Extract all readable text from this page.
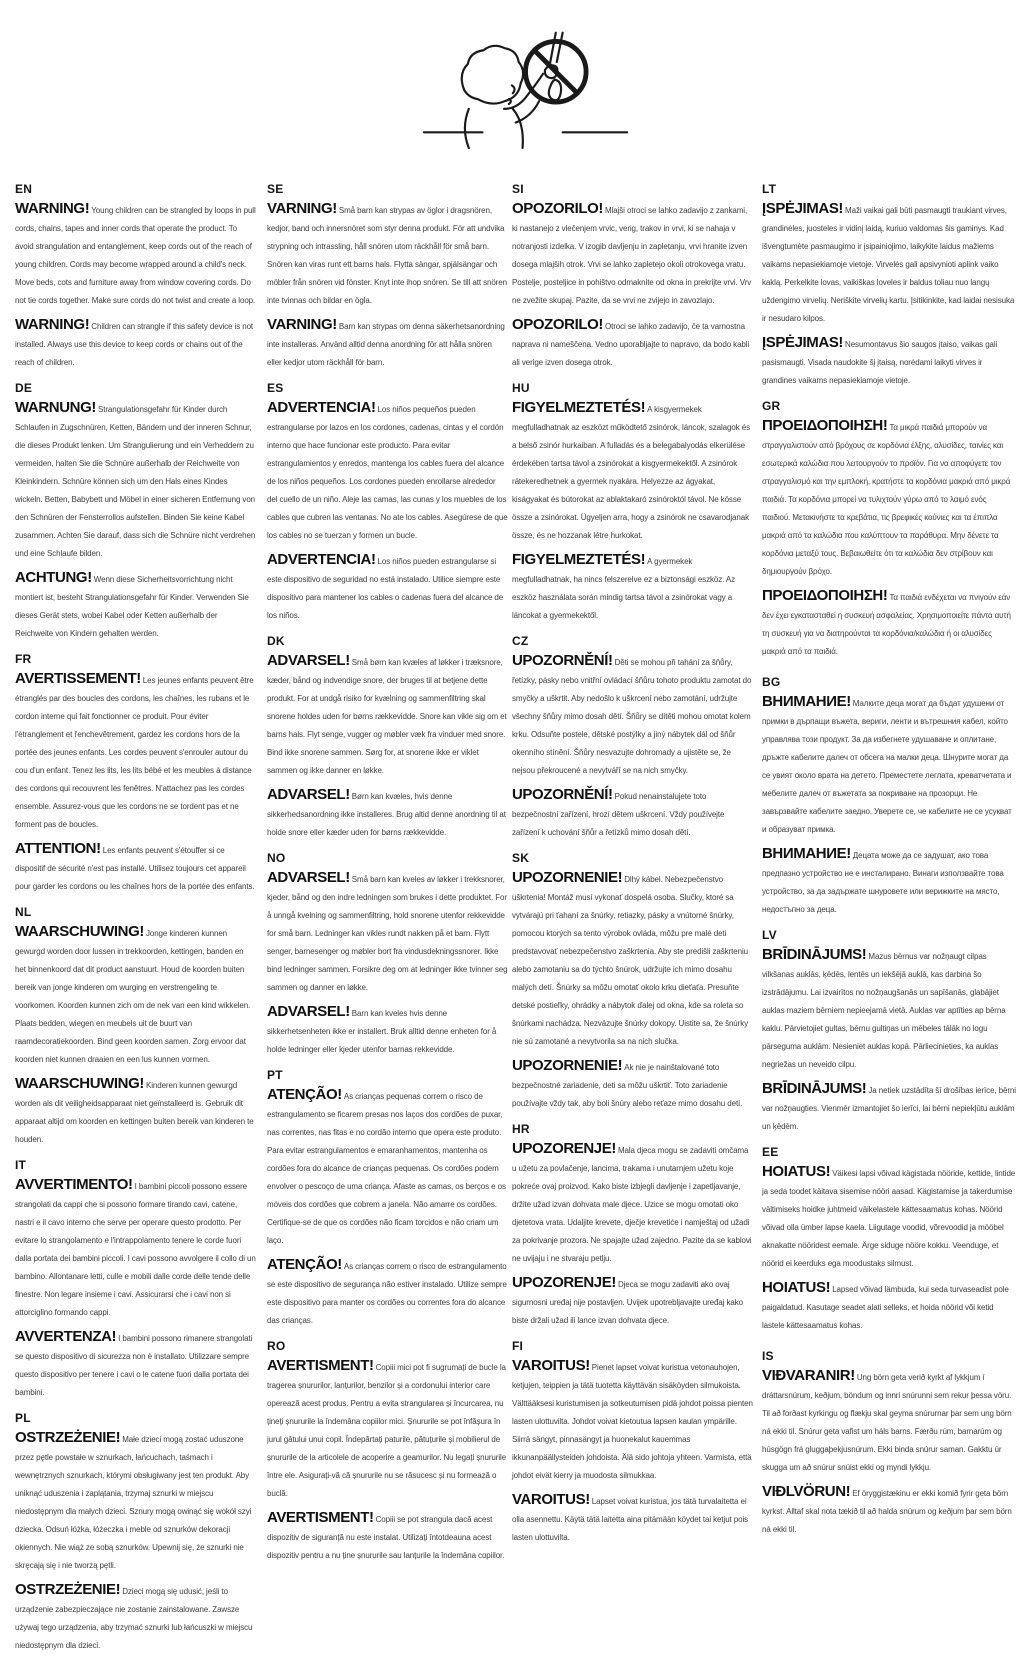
EN

WARNING! Young children can be strangled by loops in pull cords, chains, tapes and inner cords that operate the product. To avoid strangulation and entanglement, keep cords out of the reach of young children. Cords may become wrapped around a child's neck. Move beds, cots and furniture away from window covering cords. Do not tie cords together. Make sure cords do not twist and create a loop.

WARNING! Children can strangle if this safety device is not installed. Always use this device to keep cords or chains out of the reach of children.

DE

WARNUNG! Strangulationsgefahr für Kinder durch Schlaufen in Zugschnüren, Ketten, Bändern und der inneren Schnur, die dieses Produkt lenken. Um Strangulierung und ein Verheddern zu vermeiden, halten Sie die Schnüre außerhalb der Reichweite von Kleinkindern. Schnüre können sich um den Hals eines Kindes wickeln. Betten, Babybett und Möbel in einer sicheren Entfernung von den Schnüren der Fensterrollos aufstellen. Binden Sie keine Kabel zusammen. Achten Sie darauf, dass sich die Schnüre nicht verdrehen und eine Schlaufe bilden.

ACHTUNG! Wenn diese Sicherheitsvorrichtung nicht montiert ist, besteht Strangulationsgefahr für Kinder. Verwenden Sie dieses Gerät stets, wobei Kabel oder Ketten außerhalb der Reichweite von Kindern gehalten werden.

FR

AVERTISSEMENT! Les jeunes enfants peuvent être étranglés par des boucles des cordons, les chaînes, les rubans et le cordon interne qui fait fonctionner ce produit. Pour éviter l'étranglement et l'enchevêtrement, gardez les cordons hors de la portée des jeunes enfants. Les cordes peuvent s'enrouler autour du cou d'un enfant. Tenez les lits, les lits bébé et les meubles à distance des cordons qui recouvrent les fenêtres. N'attachez pas les cordes ensemble. Assurez-vous que les cordons ne se tordent pas et ne forment pas de boucles.

ATTENTION! Les enfants peuvent s'étouffer si ce dispositif de sécurité n'est pas installé. Utilisez toujours cet appareil pour garder les cordons ou les chaînes hors de la portée des enfants.

NL

WAARSCHUWING! Jonge kinderen kunnen gewurgd worden door lussen in trekkoorden, kettingen, banden en het binnenkoord dat dit product aanstuurt. Houd de koorden buiten bereik van jonge kinderen om wurging en verstrengeling te voorkomen. Koorden kunnen zich om de nek van een kind wikkelen. Plaats bedden, wiegen en meubels uit de buurt van raamdecoratiekoorden. Bind geen koorden samen. Zorg ervoor dat koorden niet kunnen draaien en een lus kunnen vormen.

WAARSCHUWING! Kinderen kunnen gewurgd worden als dit veiligheidsapparaat niet geïnstalleerd is. Gebruik dit apparaat altijd om koorden en kettingen buiten bereik van kinderen te houden.

IT

AVVERTIMENTO! I bambini piccoli possono essere strangolati da cappi che si possono formare tirando cavi, catene, nastri e il cavo interno che serve per operare questo prodotto. Per evitare lo strangolamento e l'intrappolamento tenere le corde fuori dalla portata dei bambini piccoli. I cavi possono avvolgere il collo di un bambino. Allontanare letti, culle e mobili dalle corde delle tende delle finestre. Non legare insieme i cavi. Assicurarsi che i cavi non si attorciglino formando cappi.

AVVERTENZA! I bambini possono rimanere strangolati se questo dispositivo di sicurezza non è installato. Utilizzare sempre questo dispositivo per tenere i cavi o le catene fuori dalla portata dei bambini.

PL

OSTRZEŻENIE! Małe dzieci mogą zostać uduszone przez pętle powstałe w sznurkach, łańcuchach, taśmach i wewnętrznych sznurkach, którymi obsługiwany jest ten produkt. Aby uniknąć uduszenia i zaplątania, trzymaj sznurki w miejscu niedostępnym dla małych dzieci. Sznury mogą owinąć się wokół szyi dziecka. Odsuń łóżka, łóżeczka i meble od sznurków dekoracji okiennych. Nie wiąż ze sobą sznurków. Upewnij się, że sznurki nie skręcają się i nie tworzą pętli.

OSTRZEŻENIE! Dzieci mogą się udusić, jeśli to urządzenie zabezpieczające nie zostanie zainstalowane. Zawsze używaj tego urządzenia, aby trzymać sznurki lub łańcuszki w miejscu niedostępnym dla dzieci.

SE

VARNING! Små barn kan strypas av öglor i dragsnören, kedjor, band och innersnöret som styr denna produkt. För att undvika strypning och intrassling, håll snören utom räckhåll för små barn. Snören kan viras runt ett barns hals. Flytta sängar, spjälsängar och möbler från snören vid fönster. Knyt inte ihop snören. Se till att snören inte tvinnas och bildar en ögla.

VARNING! Barn kan strypas om denna säkerhetsanordning inte installeras. Använd alltid denna anordning för att hålla snören eller kedjor utom räckhåll för barn.

ES

ADVERTENCIA! Los niños pequeños pueden estrangularse por lazos en los cordones, cadenas, cintas y el cordón interno que hace funcionar este producto. Para evitar estrangulamientos y enredos, mantenga los cables fuera del alcance de los niños pequeños. Los cordones pueden enrollarse alrededor del cuello de un niño. Aleje las camas, las cunas y los muebles de los cables que cubren las ventanas. No ate los cables. Asegúrese de que los cables no se tuerzan y formen un bucle.

ADVERTENCIA! Los niños pueden estrangularse si este dispositivo de seguridad no está instalado. Utilice siempre este dispositivo para mantener los cables o cadenas fuera del alcance de los niños.

DK

ADVARSEL! Små børn kan kvæles af løkker i træksnore, kæder, bånd og indvendige snore, der bruges til at betjene dette produkt. For at undgå risiko for kvælning og sammenfiltring skal snorene holdes uden for børns rækkevidde. Snore kan vikle sig om et barns hals. Flyt senge, vugger og møbler væk fra vinduer med snore. Bind ikke snorene sammen. Sørg for, at snorene ikke er viklet sammen og ikke danner en løkke.

ADVARSEL! Børn kan kvæles, hvis denne sikkerhedsanordning ikke installeres. Brug altid denne anordning til at holde snore eller kæder uden for børns rækkevidde.

NO

ADVARSEL! Små barn kan kveles av løkker i trekksnorer, kjeder, bånd og den indre ledningen som brukes i dette produktet. For å unngå kvelning og sammenfiltring, hold snorene utenfor rekkevidde for små barn. Ledninger kan vikles rundt nakken på et barn. Flytt senger, barnesenger og møbler bort fra vindusdekningssnorer. Ikke bind ledninger sammen. Forsikre deg om at ledninger ikke tvinner seg sammen og danner en løkke.

ADVARSEL! Barn kan kveles hvis denne sikkerhetsenheten ikke er installert. Bruk alltid denne enheten for å holde ledninger eller kjeder utenfor barnas rekkevidde.

PT

ATENÇÃO! As crianças pequenas correm o risco de estrangulamento se ficarem presas nos laços dos cordões de puxar, nas correntes, nas fitas e no cordão interno que opera este produto. Para evitar estrangulamentos e emaranhamentos, mantenha os cordões fora do alcance de crianças pequenas. Os cordões podem envolver o pescoço de uma criança. Afaste as camas, os berços e os móveis dos cordões que cobrem a janela. Não amarre os cordões. Certifique-se de que os cordões não ficam torcidos e não criam um laço.

ATENÇÃO! As crianças correm o risco de estrangulamento se este dispositivo de segurança não estiver instalado. Utilize sempre este dispositivo para manter os cordões ou correntes fora do alcance das crianças.

RO

AVERTISMENT! Copiii mici pot fi sugrumați de bucle la tragerea șnururilor, lanțurilor, benzilor și a cordonului interior care operează acest produs. Pentru a evita strangularea și încurcarea, nu țineți șnururile la îndemâna copiilor mici. Șnururile se pot înfășura în jurul gâtului unui copil. Îndepărtați paturile, pătuțurile și mobilierul de șnururile de la articolele de acoperire a geamurilor. Nu legați șnururile între ele. Asigurați-vă că șnururile nu se răsucesc și nu formează o buclă.

AVERTISMENT! Copiii se pot strangula dacă acest dispozitiv de siguranță nu este instalat. Utilizați întotdeauna acest dispozitiv pentru a nu ține șnururile sau lanțurile la îndemâna copiilor.

SI

OPOZORILO! Mlajši otroci se lahko zadavijo z zankami, ki nastanejo z vlečenjem vrvic, verig, trakov in vrvi, ki se nahaja v notranjosti izdelka. V izogib davljenju in zapletanju, vrvi hranite izven dosega mlajših otrok. Vrvi se lahko zapletejo okoli otrokovega vratu. Postelje, posteljice in pohištvo odmaknite od okna in prekrijte vrvi. Vrv ne zvežite skupaj. Pazite, da se vrvi ne zvijejo in zavozlajo.

OPOZORILO! Otroci se lahko zadavijo, če ta varnostna naprava ni nameščena. Vedno uporabljajte to napravo, da bodo kabli ali verige izven dosega otrok.

HU

FIGYELMEZTETÉS! A kisgyermekek megfulladhatnak az eszközt működtető zsinórok, láncok, szalagok és a belső zsinór hurkaiban. A fulladás és a belegabalyodás elkerülése érdekében tartsa távol a zsinórokat a kisgyermekektől. A zsinórok rátekeredhetnek a gyermek nyakára. Helyezze az ágyakat, kiságyakat és bútorokat az ablaktakaró zsinóroktól távol. Ne kösse össze a zsinórokat. Ügyeljen arra, hogy a zsinórok ne csavarodjanak össze, és ne hozzanak létre hurkokat.

FIGYELMEZTETÉS! A gyermekek megfulladhatnak, ha nincs felszerelve ez a biztonsági eszköz. Az eszköz használata során mindig tartsa távol a zsinórokat vagy a láncokat a gyermekektől.

CZ

UPOZORNĚNÍ! Děti se mohou při tahání za šňůry, řetízky, pásky nebo vnitřní ovládací šňůru tohoto produktu zamotat do smyčky a uškrtit. Aby nedošlo k uškrcení nebo zamotání, udržujte všechny šňůry mimo dosah dětí. Šňůry se dítěti mohou omotat kolem krku. Odsuňte postele, dětské postýlky a jiný nábytek dál od šňůr okenního stínění. Šňůry nesvazujte dohromady a ujistěte se, že nejsou překroucené a nevytváří se na nich smyčky.

UPOZORNĚNÍ! Pokud nenainstalujete toto bezpečnostní zařízení, hrozí dětem uškrcení. Vždy používejte zařízení k uchování šňůr a řetízků mimo dosah dětí.

SK

UPOZORNENIE! Dlhý kábel. Nebezpečenstvo uškrtenia! Montáž musí vykonať dospelá osoba. Slučky, ktoré sa vytvárajú pri ťahaní za šnúrky, retiazky, pásky a vnútorné šnúrky, pomocou ktorých sa tento výrobok ovláda, môžu pre malé deti predstavovať nebezpečenstvo zaškrtenia. Aby ste predišli zaškrteniu alebo zamotaniu sa do týchto šnúrok, udržujte ich mimo dosahu malých detí. Šnúrky sa môžu omotať okolo krku dieťaťa. Presuňte detské postieľky, ohrádky a nábytok ďalej od okna, kde sa roleta so šnúrkami nachádza. Nezväzujte šnúrky dokopy. Uistite sa, že šnúrky nie sú zamotané a nevytvorila sa na nich slučka.

UPOZORNENIE! Ak nie je nainštalované toto bezpečnostné zariadenie, deti sa môžu uškrtiť. Toto zariadenie používajte vždy tak, aby boli šnúry alebo reťaze mimo dosahu detí.

HR

UPOZORENJE! Mala djeca mogu se zadaviti omčama u užetu za povlačenje, lancima, trakama i unutarnjem užetu koje pokreće ovaj proizvod. Kako biste izbjegli davljenje i zapetljavanje, držite užad izvan dohvata male djece. Uzice se mogu omotati oko djetetova vrata. Udaljite krevete, dječje krevetiće i namještaj od užadi za pokrivanje prozora. Ne spajajte užad zajedno. Pazite da se kablovi ne uvijaju i ne stvaraju petlju.

UPOZORENJE! Djeca se mogu zadaviti ako ovaj sigurnosni uređaj nije postavljen. Uvijek upotrebljavajte uređaj kako biste držali užad ili lance izvan dohvata djece.

FI

VAROITUS! Pienet lapset voivat kuristua vetonauhojen, ketjujen, teippien ja tätä tuotetta käyttävän sisäköyden silmukoista. Välttääksesi kuristumisen ja sotkeutumisen pidä johdot poissa pienten lasten ulottuvilta. Johdot voivat kietoutua lapsen kaulan ympärille. Siirrä sängyt, pinnasängyt ja huonekalut kauemmas ikkunanpäällysteiden johdoista. Älä sido johtoja yhteen. Varmista, että johdot eivät kierry ja muodosta silmukkaa.

VAROITUS! Lapset voivat kuristua, jos tätä turvalaitetta ei olla asennettu. Käytä tätä laitetta aina pitämään köydet tai ketjut pois lasten ulottuvilta.

LT

ĮSPĖJIMAS! Maži vaikai gali būti pasmaugti traukiant virves, grandinėles, juosteles ir vidinį laidą, kuriuo valdomas šis gaminys. Kad išvengtumėte pasmaugimo ir įsipainiojimo, laikykite laidus mažiems vaikams nepasiekiamoje vietoje. Virvelės gali apsivynioti aplink vaiko kaklą. Perkelkite lovas, vaikiškas loveles ir baldus toliau nuo langų uždengimo virvelių. Neriškite virvelių kartu. Įsitikinkite, kad laidai nesisuka ir nesudaro kilpos.

ĮSPĖJIMAS! Nesumontavus šio saugos įtaiso, vaikas gali pasismaugti. Visada naudokite šį įtaisą, norėdami laikyti virves ir grandines vaikams nepasiekiamoje vietoje.

GR

ΠΡΟΕΙΔΟΠΟΙΗΣΗ! Τα μικρά παιδιά μπορούν να στραγγαλιστούν από βρόχους σε κορδόνια έλξης, αλυσίδες, ταινίες και εσωτερικά καλώδια που λειτουργούν το προϊόν. Για να αποφύγετε τον στραγγαλισμό και την εμπλοκή, κρατήστε τα κορδόνια μακριά από μικρά παιδιά. Τα κορδόνια μπορεί να τυλιχτούν γύρω από το λαιμό ενός παιδιού. Μετακινήστε τα κρεβάτια, τις βρεφικές κούνιες και τα έπιπλα μακριά από τα καλώδια που καλύπτουν τα παράθυρα. Μην δένετε τα κορδόνια μεταξύ τους. Βεβαιωθείτε ότι τα καλώδια δεν στρίβουν και δημιουργούν βρόχο.

ΠΡΟΕΙΔΟΠΟΙΗΣΗ! Τα παιδιά ενδέχεται να πνιγούν εάν δεν έχει εγκατασταθεί η συσκευή ασφαλείας. Χρησιμοποιείτε πάντα αυτή τη συσκευή για να διατηρούνται τα κορδόνια/καλώδια ή οι αλυσίδες μακριά από τα παιδιά.

BG

ВНИМАНИЕ! Малките деца могат да бъдат удушени от примки в дърпащи въжета, вериги, ленти и вътрешния кабел, който управлява този продукт. За да избегнете удушаване и оплитане, дръжте кабелите далеч от обсега на малки деца. Шнурите могат да се увият около врата на детето. Преместете леглата, креватчетата и мебелите далеч от въжетата за покриване на прозорци. Не завързвайте кабелите заедно. Уверете се, че кабелите не се усукват и образуват примка.

ВНИМАНИЕ! Децата може да се задушат, ако това предпазно устройство не е инсталирано. Винаги използвайте това устройство, за да задържате шнуровете или верижките на място, недостъпно за деца.

LV

BRĪDINĀJUMS! Mazus bērnus var nožņaugt cilpas vilkšanas auklās, ķēdēs, lentēs un iekšējā auklā, kas darbina šo izstrādājumu. Lai izvairītos no nožņaugšanās un sapīšanās, glabājiet auklas maziem bērniem nepieejamā vietā. Auklas var aptīties ap bērna kaklu. Pārvietojiet gultas, bērnu gultiņas un mēbeles tālāk no logu pārseguma auklām. Nesieniet auklas kopā. Pārliecinieties, ka auklas negriežas un neveido cilpu.

BRĪDINĀJUMS! Ja netiek uzstādīta šī drošības ierīce, bērni var nožņaugties. Vienmēr izmantojiet šo ierīci, lai bērni nepiekļūtu auklām un ķēdēm.

EE

HOIATUS! Väikesi lapsi võivad kägistada nööride, kettide, lintide ja seda toodet käitava sisemise nööri aasad. Kägistamise ja takerdumise vältimiseks hoidke juhtmeid väikelastele kättesaamatus kohas. Nöörid võivad olla ümber lapse kaela. Liigutage voodid, võrevoodid ja mööbel aknakatte nööridest eemale. Ärge siduge nööre kokku. Veenduge, et nöörid ei keerduks ega moodustaks silmust.

HOIATUS! Lapsed võivad lämbuda, kui seda turvaseadist pole paigaldatud. Kasutage seadet alati selleks, et hoida nöörid või ketid lastele kättesaamatus kohas.

IS

VIÐVARANIR! Ung börn geta verið kyrkt af lykkjum í dráttarsnúrum, keðjum, böndum og innri snúrunni sem rekur þessa vöru. Til að forðast kyrkingu og flækju skal geyma snúrurnar þar sem ung börn ná ekki til. Snúrur geta vafist um háls barns. Færðu rúm, barnarúm og húsgögn frá gluggaþekjusnúrum. Ekki binda snúrur saman. Gakktu úr skugga um að snúrur snúist ekki og myndi lykkju.

VIÐLVÖRUN! Ef öryggistækinu er ekki komið fyrir geta börn kyrkst. Alltaf skal nota tækið til að halda snúrum og keðjum þar sem börn ná ekki til.
